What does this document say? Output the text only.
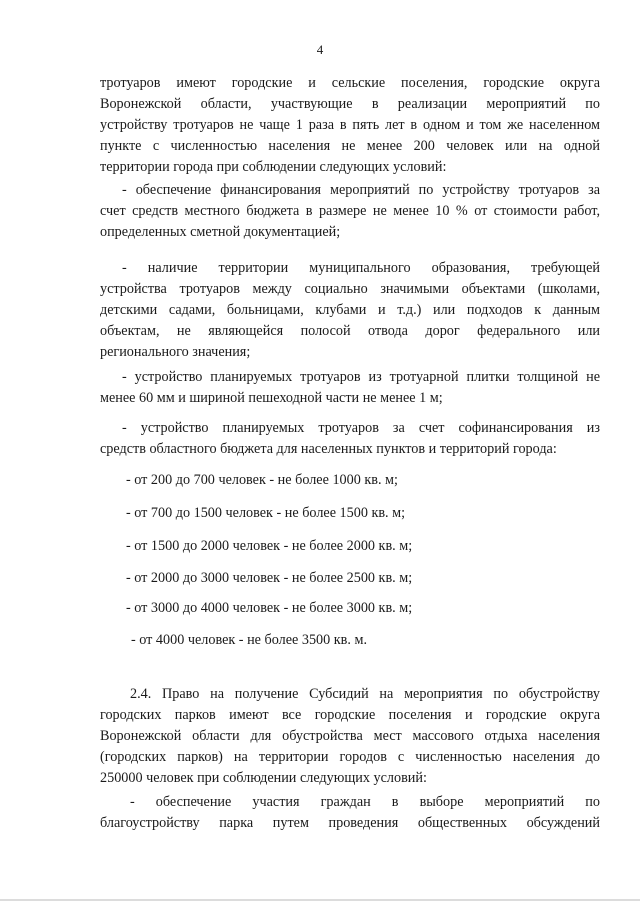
4
тротуаров имеют городские и сельские поселения, городские округа
Воронежской области, участвующие в реализации мероприятий по
устройству тротуаров не чаще 1 раза в пять лет в одном и том же населенном
пункте с численностью населения не менее 200 человек или на одной
территории города при соблюдении следующих условий:
- обеспечение финансирования мероприятий по устройству тротуаров за
счет средств местного бюджета в размере не менее 10 % от стоимости работ,
определенных сметной документацией;
- наличие территории муниципального образования, требующей
устройства тротуаров между социально значимыми объектами (школами,
детскими садами, больницами, клубами и т.д.) или подходов к данным
объектам, не являющейся полосой отвода дорог федерального или
регионального значения;
- устройство планируемых тротуаров из тротуарной плитки толщиной не
менее 60 мм и шириной пешеходной части не менее 1 м;
- устройство планируемых тротуаров за счет софинансирования из
средств областного бюджета для населенных пунктов и территорий города:
- от 200 до 700 человек - не более 1000 кв. м;
- от 700 до 1500 человек - не более 1500 кв. м;
- от 1500 до 2000 человек - не более 2000 кв. м;
- от 2000 до 3000 человек - не более 2500 кв. м;
- от 3000 до 4000 человек - не более 3000 кв. м;
- от 4000 человек - не более 3500 кв. м.
2.4. Право на получение Субсидий на мероприятия по обустройству
городских парков имеют все городские поселения и городские округа
Воронежской области для обустройства мест массового отдыха населения
(городских парков) на территории городов с численностью населения до
250000 человек при соблюдении следующих условий:
- обеспечение участия граждан в выборе мероприятий по
благоустройству парка путем проведения общественных обсуждений
